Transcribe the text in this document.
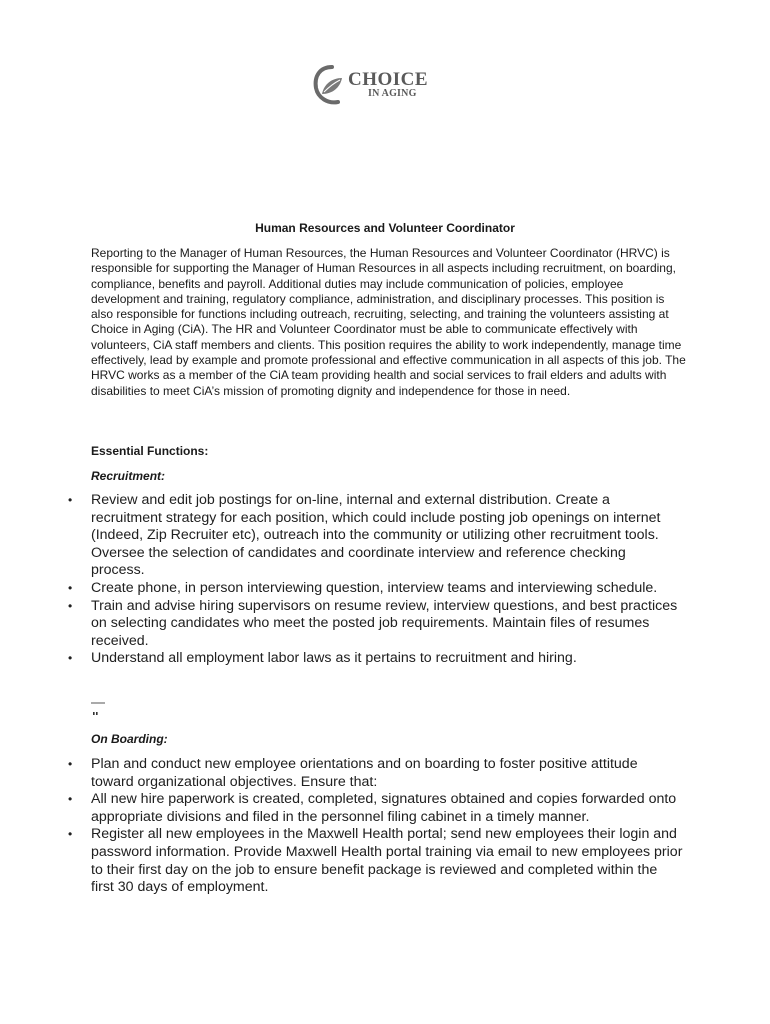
CHOICE
IN AGING
Human Resources and Volunteer Coordinator

Reporting to the Manager of Human Resources, the Human Resources and Volunteer Coordinator (HRVC) is responsible for supporting the Manager of Human Resources in all aspects including recruitment, on boarding, compliance, benefits and payroll. Additional duties may include communication of policies, employee development and training, regulatory compliance, administration, and disciplinary processes. This position is also responsible for functions including outreach, recruiting, selecting, and training the volunteers assisting at Choice in Aging (CiA). The HR and Volunteer Coordinator must be able to communicate effectively with volunteers, CiA staff members and clients. This position requires the ability to work independently, manage time effectively, lead by example and promote professional and effective communication in all aspects of this job. The HRVC works as a member of the CiA team providing health and social services to frail elders and adults with disabilities to meet CiA’s mission of promoting dignity and independence for those in need.

Essential Functions:
Recruitment:
• Review and edit job postings for on-line, internal and external distribution. Create a recruitment strategy for each position, which could include posting job openings on internet (Indeed, Zip Recruiter etc), outreach into the community or utilizing other recruitment tools. Oversee the selection of candidates and coordinate interview and reference checking process.
• Create phone, in person interviewing question, interview teams and interviewing schedule.
• Train and advise hiring supervisors on resume review, interview questions, and best practices on selecting candidates who meet the posted job requirements. Maintain files of resumes received.
• Understand all employment labor laws as it pertains to recruitment and hiring.
On Boarding:
• Plan and conduct new employee orientations and on boarding to foster positive attitude toward organizational objectives. Ensure that:
• All new hire paperwork is created, completed, signatures obtained and copies forwarded onto appropriate divisions and filed in the personnel filing cabinet in a timely manner.
• Register all new employees in the Maxwell Health portal; send new employees their login and password information. Provide Maxwell Health portal training via email to new employees prior to their first day on the job to ensure benefit package is reviewed and completed within the first 30 days of employment.
